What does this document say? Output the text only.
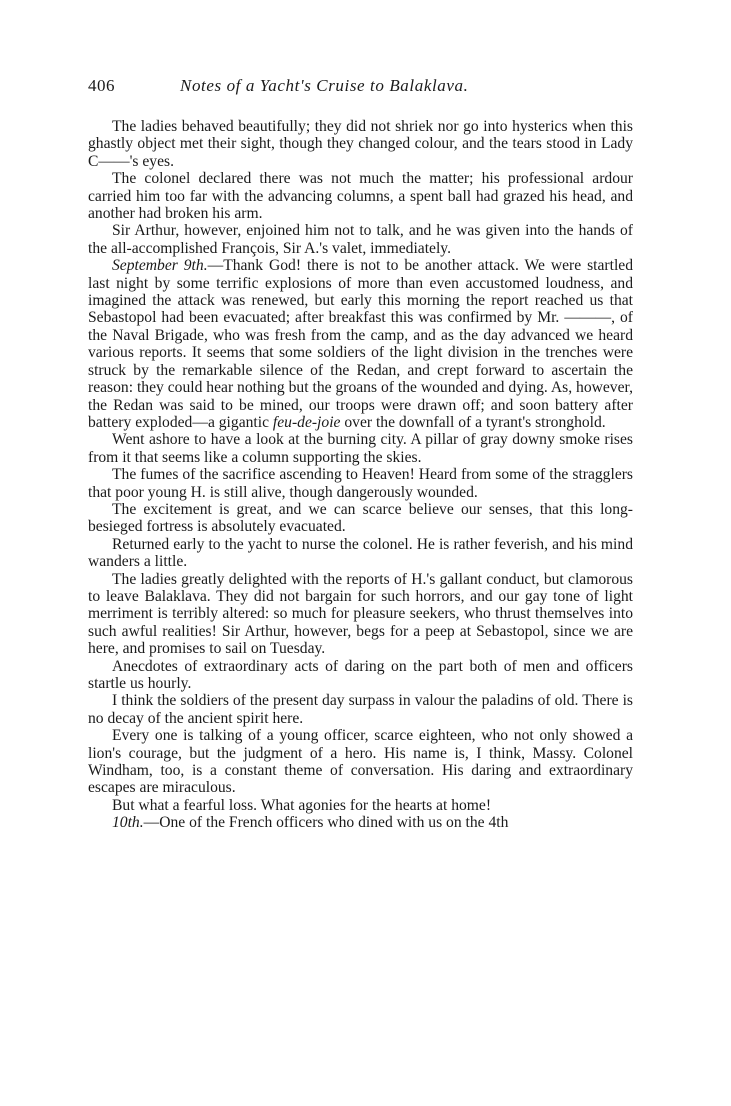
406	Notes of a Yacht's Cruise to Balaklava.

The ladies behaved beautifully; they did not shriek nor go into hysterics when this ghastly object met their sight, though they changed colour, and the tears stood in Lady C——'s eyes.

The colonel declared there was not much the matter; his professional ardour carried him too far with the advancing columns, a spent ball had grazed his head, and another had broken his arm.

Sir Arthur, however, enjoined him not to talk, and he was given into the hands of the all-accomplished François, Sir A.'s valet, immediately.

September 9th.—Thank God! there is not to be another attack. We were startled last night by some terrific explosions of more than even accustomed loudness, and imagined the attack was renewed, but early this morning the report reached us that Sebastopol had been evacuated; after breakfast this was confirmed by Mr. ———, of the Naval Brigade, who was fresh from the camp, and as the day advanced we heard various reports. It seems that some soldiers of the light division in the trenches were struck by the remarkable silence of the Redan, and crept forward to ascertain the reason: they could hear nothing but the groans of the wounded and dying. As, however, the Redan was said to be mined, our troops were drawn off; and soon battery after battery exploded—a gigantic feu-de-joie over the downfall of a tyrant's stronghold.

Went ashore to have a look at the burning city. A pillar of gray downy smoke rises from it that seems like a column supporting the skies.

The fumes of the sacrifice ascending to Heaven! Heard from some of the stragglers that poor young H. is still alive, though dangerously wounded.

The excitement is great, and we can scarce believe our senses, that this long-besieged fortress is absolutely evacuated.

Returned early to the yacht to nurse the colonel. He is rather feverish, and his mind wanders a little.

The ladies greatly delighted with the reports of H.'s gallant conduct, but clamorous to leave Balaklava. They did not bargain for such horrors, and our gay tone of light merriment is terribly altered: so much for pleasure seekers, who thrust themselves into such awful realities! Sir Arthur, however, begs for a peep at Sebastopol, since we are here, and promises to sail on Tuesday.

Anecdotes of extraordinary acts of daring on the part both of men and officers startle us hourly.

I think the soldiers of the present day surpass in valour the paladins of old. There is no decay of the ancient spirit here.

Every one is talking of a young officer, scarce eighteen, who not only showed a lion's courage, but the judgment of a hero. His name is, I think, Massy. Colonel Windham, too, is a constant theme of conversation. His daring and extraordinary escapes are miraculous.

But what a fearful loss. What agonies for the hearts at home!

10th.—One of the French officers who dined with us on the 4th
